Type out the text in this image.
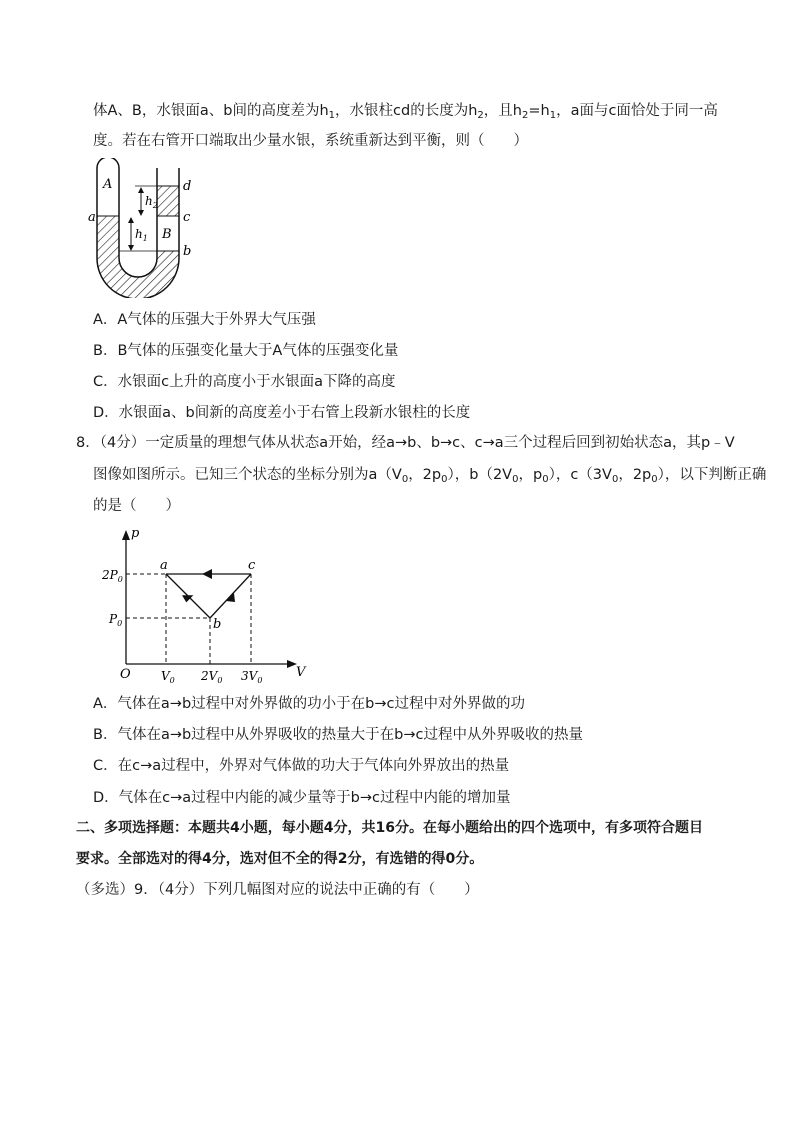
体A、B，水银面a、b间的高度差为$h_1$，水银柱cd的长度为$h_2$，且$h_2=h_1$，a面与c面恰处于同一高
度。若在右管开口端取出少量水银，系统重新达到平衡，则（　　）
A
B
a
b
c
d
$h_2$
$h_1$
A．A气体的压强大于外界大气压强
B．B气体的压强变化量大于A气体的压强变化量
C．水银面c上升的高度小于水银面a下降的高度
D．水银面a、b间新的高度差小于右管上段新水银柱的长度
8．（4分）一定质量的理想气体从状态a开始，经a→b、b→c、c→a三个过程后回到初始状态a，其p﹣V
图像如图所示。已知三个状态的坐标分别为$a(V_0$，$2p_0$），$b(2V_0$，$p_0$），$c(3V_0$，$2p_0$），以下判断正确
的是（　　）
a
b
c
p
V
O
$2P_0$
$P_0$
$V_0$ $2V_0$ $3V_0$
A．气体在a→b过程中对外界做的功小于在b→c过程中对外界做的功
B．气体在a→b过程中从外界吸收的热量大于在b→c过程中从外界吸收的热量
C．在c→a过程中，外界对气体做的功大于气体向外界放出的热量
D．气体在c→a过程中内能的减少量等于b→c过程中内能的增加量
二、多项选择题：本题共4小题，每小题4分，共16分。在每小题给出的四个选项中，有多项符合题目
要求。全部选对的得4分，选对但不全的得2分，有选错的得0分。
（多选）9．（4分）下列几幅图对应的说法中正确的有（　　）
